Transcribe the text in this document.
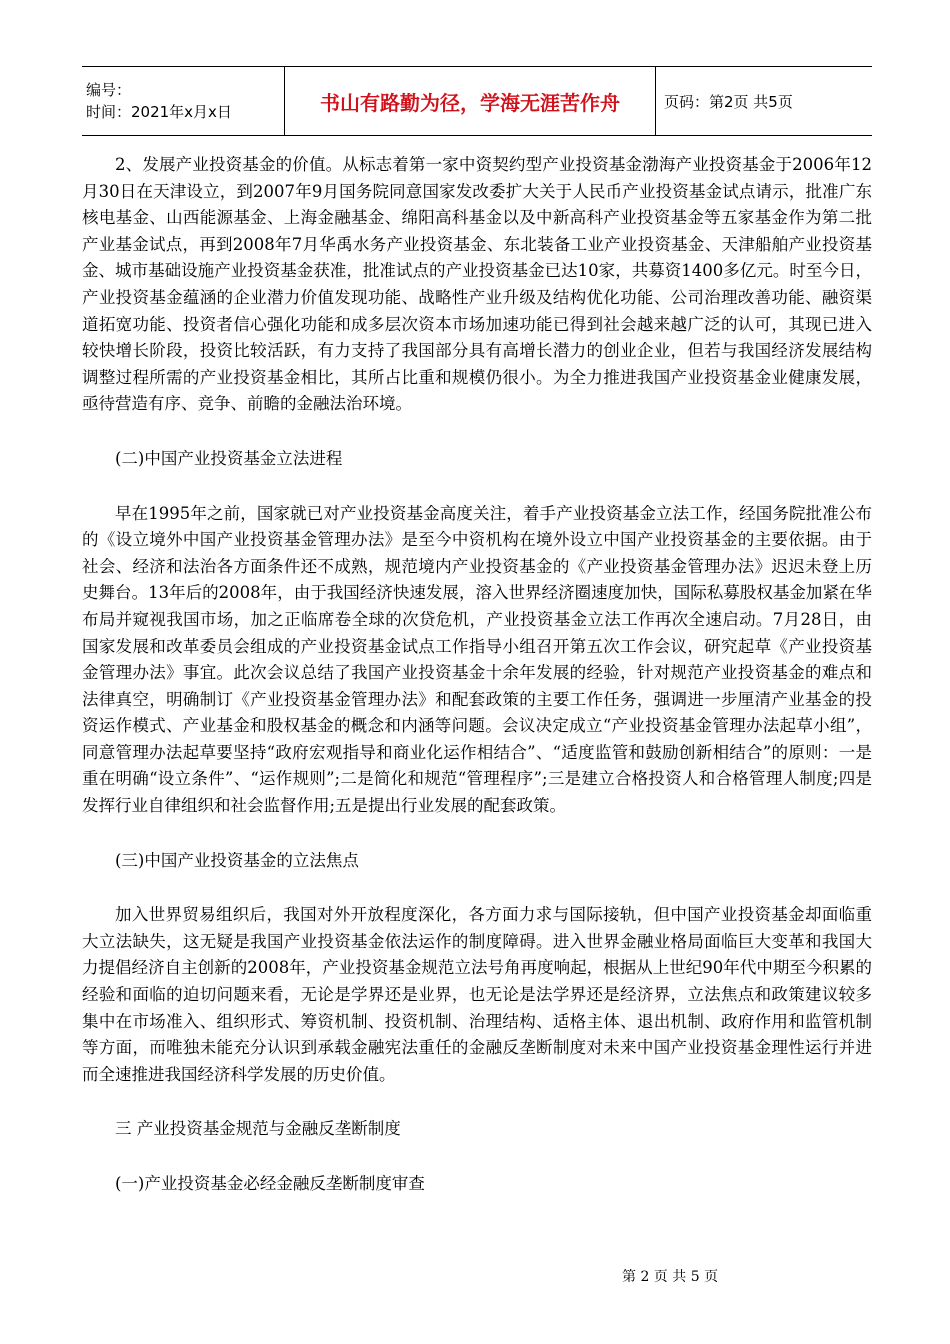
编号：
时间：2021年x月x日	书山有路勤为径，学海无涯苦作舟	页码：第2页 共5页

2、发展产业投资基金的价值。从标志着第一家中资契约型产业投资基金渤海产业投资基金于2006年12月30日在天津设立，到2007年9月国务院同意国家发改委扩大关于人民币产业投资基金试点请示，批准广东核电基金、山西能源基金、上海金融基金、绵阳高科基金以及中新高科产业投资基金等五家基金作为第二批产业基金试点，再到2008年7月华禹水务产业投资基金、东北装备工业产业投资基金、天津船舶产业投资基金、城市基础设施产业投资基金获准，批准试点的产业投资基金已达10家，共募资1400多亿元。时至今日，产业投资基金蕴涵的企业潜力价值发现功能、战略性产业升级及结构优化功能、公司治理改善功能、融资渠道拓宽功能、投资者信心强化功能和成多层次资本市场加速功能已得到社会越来越广泛的认可，其现已进入较快增长阶段，投资比较活跃，有力支持了我国部分具有高增长潜力的创业企业，但若与我国经济发展结构调整过程所需的产业投资基金相比，其所占比重和规模仍很小。为全力推进我国产业投资基金业健康发展，亟待营造有序、竞争、前瞻的金融法治环境。

(二)中国产业投资基金立法进程

早在1995年之前，国家就已对产业投资基金高度关注，着手产业投资基金立法工作，经国务院批准公布的《设立境外中国产业投资基金管理办法》是至今中资机构在境外设立中国产业投资基金的主要依据。由于社会、经济和法治各方面条件还不成熟，规范境内产业投资基金的《产业投资基金管理办法》迟迟未登上历史舞台。13年后的2008年，由于我国经济快速发展，溶入世界经济圈速度加快，国际私募股权基金加紧在华布局并窥视我国市场，加之正临席卷全球的次贷危机，产业投资基金立法工作再次全速启动。7月28日，由国家发展和改革委员会组成的产业投资基金试点工作指导小组召开第五次工作会议，研究起草《产业投资基金管理办法》事宜。此次会议总结了我国产业投资基金十余年发展的经验，针对规范产业投资基金的难点和法律真空，明确制订《产业投资基金管理办法》和配套政策的主要工作任务，强调进一步厘清产业基金的投资运作模式、产业基金和股权基金的概念和内涵等问题。会议决定成立“产业投资基金管理办法起草小组”，同意管理办法起草要坚持“政府宏观指导和商业化运作相结合”、“适度监管和鼓励创新相结合”的原则：一是重在明确“设立条件”、“运作规则”;二是简化和规范“管理程序”;三是建立合格投资人和合格管理人制度;四是发挥行业自律组织和社会监督作用;五是提出行业发展的配套政策。

(三)中国产业投资基金的立法焦点

加入世界贸易组织后，我国对外开放程度深化，各方面力求与国际接轨，但中国产业投资基金却面临重大立法缺失，这无疑是我国产业投资基金依法运作的制度障碍。进入世界金融业格局面临巨大变革和我国大力提倡经济自主创新的2008年，产业投资基金规范立法号角再度响起，根据从上世纪90年代中期至今积累的经验和面临的迫切问题来看，无论是学界还是业界，也无论是法学界还是经济界，立法焦点和政策建议较多集中在市场准入、组织形式、筹资机制、投资机制、治理结构、适格主体、退出机制、政府作用和监管机制等方面，而唯独未能充分认识到承载金融宪法重任的金融反垄断制度对未来中国产业投资基金理性运行并进而全速推进我国经济科学发展的历史价值。

三 产业投资基金规范与金融反垄断制度
(一)产业投资基金必经金融反垄断制度审查
第 2 页 共 5 页
